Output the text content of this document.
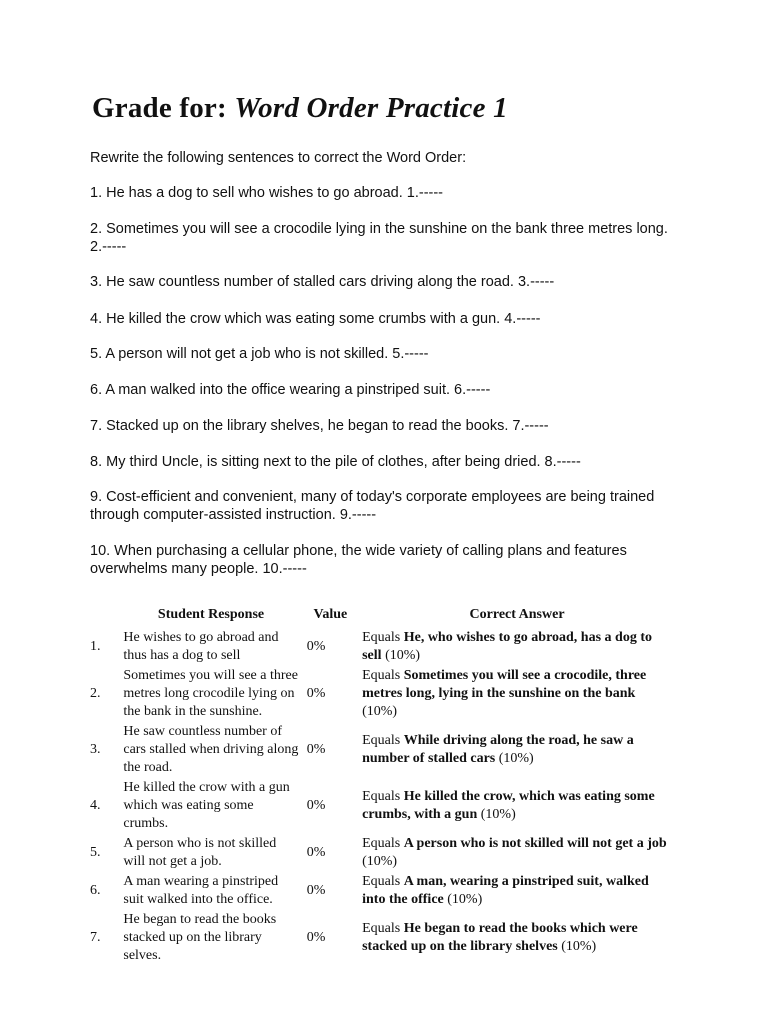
Grade for: Word Order Practice 1

Rewrite the following sentences to correct the Word Order:

1. He has a dog to sell who wishes to go abroad. 1.-----

2. Sometimes you will see a crocodile lying in the sunshine on the bank three metres long. 2.-----

3. He saw countless number of stalled cars driving along the road. 3.-----

4. He killed the crow which was eating some crumbs with a gun. 4.-----

5. A person will not get a job who is not skilled. 5.-----

6. A man walked into the office wearing a pinstriped suit. 6.-----

7. Stacked up on the library shelves, he began to read the books. 7.-----

8. My third Uncle, is sitting next to the pile of clothes, after being dried. 8.-----

9. Cost-efficient and convenient, many of today's corporate employees are being trained through computer-assisted instruction. 9.-----

10. When purchasing a cellular phone, the wide variety of calling plans and features overwhelms many people. 10.-----

	Student Response	Value	Correct Answer
1.	He wishes to go abroad and thus has a dog to sell	0%	Equals He, who wishes to go abroad, has a dog to sell (10%)
2.	Sometimes you will see a three metres long crocodile lying on the bank in the sunshine.	0%	Equals Sometimes you will see a crocodile, three metres long, lying in the sunshine on the bank (10%)
3.	He saw countless number of cars stalled when driving along the road.	0%	Equals While driving along the road, he saw a number of stalled cars (10%)
4.	He killed the crow with a gun which was eating some crumbs.	0%	Equals He killed the crow, which was eating some crumbs, with a gun (10%)
5.	A person who is not skilled will not get a job.	0%	Equals A person who is not skilled will not get a job (10%)
6.	A man wearing a pinstriped suit walked into the office.	0%	Equals A man, wearing a pinstriped suit, walked into the office (10%)
7.	He began to read the books stacked up on the library selves.	0%	Equals He began to read the books which were stacked up on the library shelves (10%)
